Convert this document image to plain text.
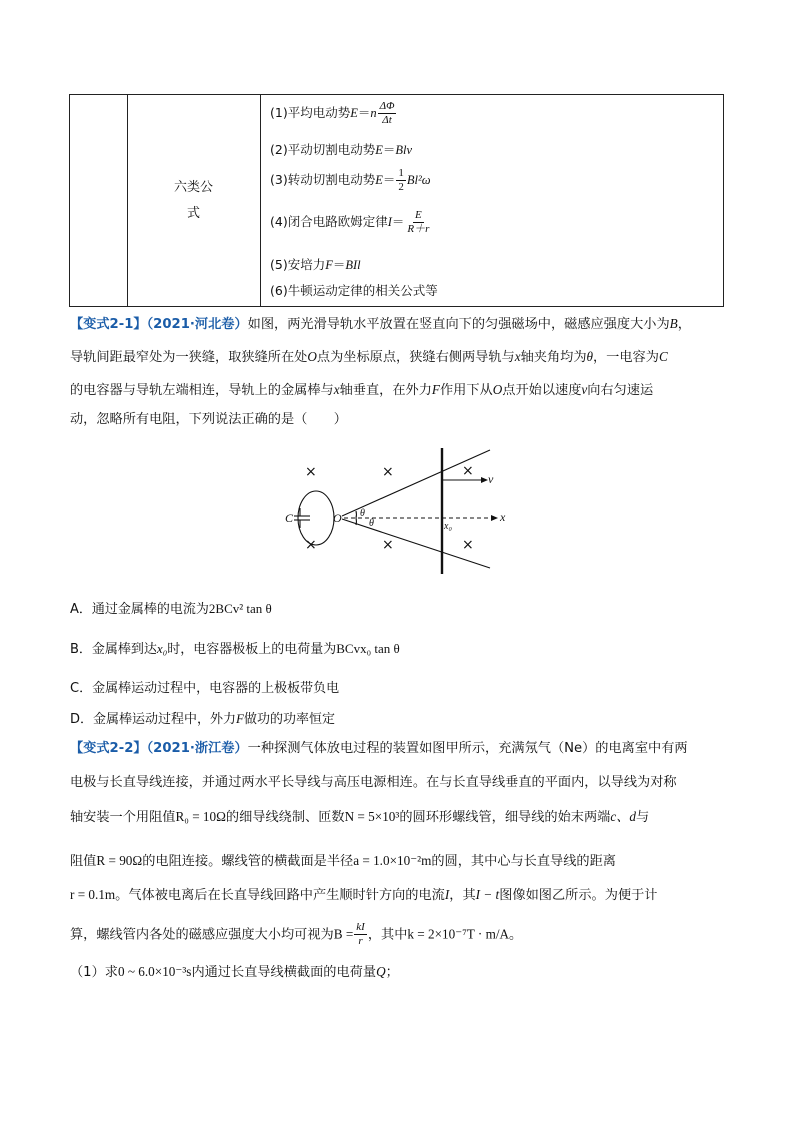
六类公
式
(1)平均电动势$E=n \frac{\Delta\Phi}{\Delta t}$
(2)平动切割电动势E＝Blv
(3)转动切割电动势$E= \frac{1}{2} Bl^2\omega$
(4)闭合电路欧姆定律$I= \frac{E}{R+r}$
(5)安培力F＝BIl
(6)牛顿运动定律的相关公式等
【变式2-1】（2021·河北卷）如图，两光滑导轨水平放置在竖直向下的匀强磁场中，磁感应强度大小为B，
导轨间距最窄处为一狭缝，取狭缝所在处O点为坐标原点，狭缝右侧两导轨与x轴夹角均为θ，一电容为C
的电容器与导轨左端相连，导轨上的金属棒与x轴垂直，在外力F作用下从O点开始以速度v向右匀速运
动，忽略所有电阻，下列说法正确的是（　　）
C	O θ
θ
v
x
x₀
×	×	×
×	×	×
A．通过金属棒的电流为2BCv² tan θ
B．金属棒到达x₀时，电容器极板上的电荷量为BCvx₀ tan θ
C．金属棒运动过程中，电容器的上极板带负电
D．金属棒运动过程中，外力F做功的功率恒定
【变式2-2】（2021·浙江卷）一种探测气体放电过程的装置如图甲所示，充满氖气（Ne）的电离室中有两
电极与长直导线连接，并通过两水平长导线与高压电源相连。在与长直导线垂直的平面内，以导线为对称
轴安装一个用阻值R₀ = 10Ω的细导线绕制、匝数N = 5×10³的圆环形螺线管，细导线的始末两端c、d与
阻值R = 90Ω的电阻连接。螺线管的横截面是半径a = 1.0×10⁻²m的圆，其中心与长直导线的距离
r = 0.1m。气体被电离后在长直导线回路中产生顺时针方向的电流I，其I − t图像如图乙所示。为便于计
算，螺线管内各处的磁感应强度大小均可视为$B = \frac{kI}{r}$ ，其中k = 2×10⁻⁷T · m/A。
（1）求0 ~ 6.0×10⁻³s内通过长直导线横截面的电荷量Q；
